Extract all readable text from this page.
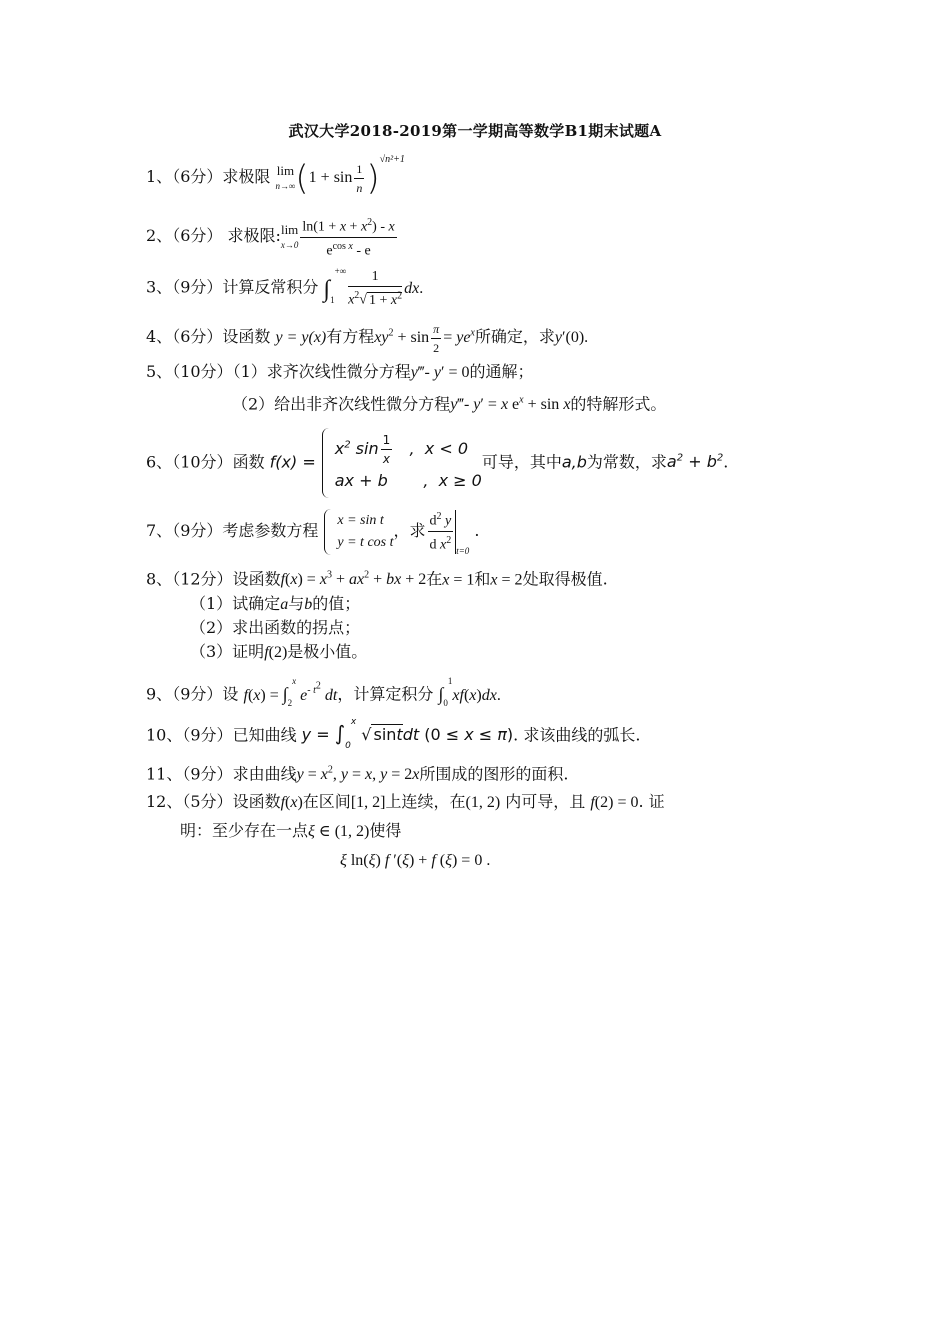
武汉大学2018-2019第一学期高等数学B1期末试题A
1、（6分）求极限 lim
$n\to\infty(1 + \sin \frac{1}{n} )^{√n^2+1}$
2、（6分） 求极限:lim
$x\to 0 \frac{\ln(1 + x + x^2) - x}{e^{cos x} - e}$
3、（9分）计算反常积分 $\int_1^{+\infty} \frac{1}{x^2√ 1 + x^2}$ dx.
4、（6分）设函数 y = y(x)有方程$xy^2 + \sin \frac{\pi}{2} = ye^x$所确定，求y′(0).
5、（10分）（1）求齐次线性微分方程y‴- y′ = 0的通解；
（2）给出非齐次线性微分方程y‴- y′ = x $e^x + \sin x$的特解形式。
6、（10分）函数 f(x) =
$x^2$ $\sin \frac{1}{x}$ ,  x < 0
ax + b       ,  x ≥ 0
可导，其中a,b为常数，求$a^2 + b^2$.
7、（9分）考虑参数方程
x = sin t
y = t cos t
，求 $\frac{d^2 y}{d x^2} _{t=0}$ .
8、（12分）设函数$f(x) = x^3 + ax^2$ + bx + 2在x = 1和x = 2处取得极值.
（1）试确定a与b的值；
（2）求出函数的拐点；
（3）证明f(2)是极小值。
9、（9分）设 $f(x) = \int_2^x$ $e^{- t^2}$ dt，计算定积分 $\int_0^1xf(x)dx$.
10、（9分）已知曲线 $y = \int_0^x$ √ sintdt (0 ≤ x ≤ π). 求该曲线的弧长.
11、（9分）求由曲线$y = x^2$, y = x, y = 2x所围成的图形的面积.
12、（5分）设函数f(x)在区间[1, 2]上连续，在(1, 2) 内可导，且 f(2) = 0. 证
明：至少存在一点ξ ∈ (1, 2)使得
ξ ln(ξ) f ′(ξ) + f (ξ) = 0 .
